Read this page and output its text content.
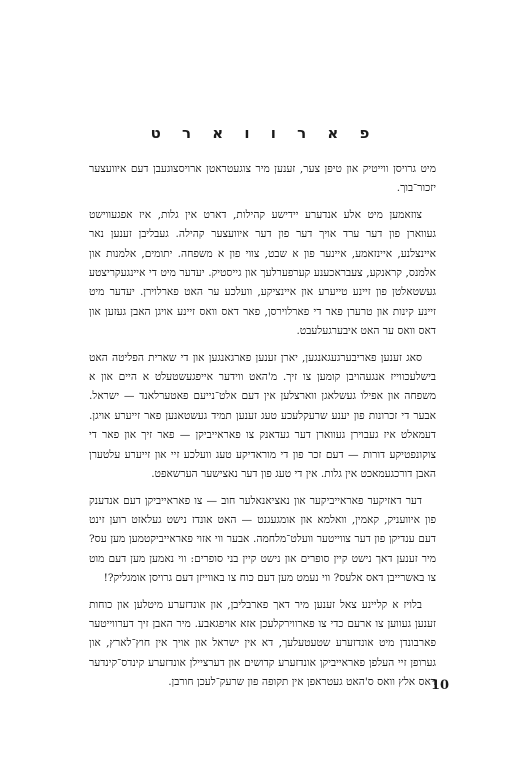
פ א ר ו ו א ר ט

מיט גרויסן ווייטיק און טיפן צער, זענען מיר צוגעטראטן ארויסצוגעבן דעם איוועצער יזכור־בוך.

צוזאמען מיט אלע אנדערע יידישע קהילות, דארט אין גלות, איז אפגעווישט געווארן פון דער ערד אויך דער פון דער איוועצער קהילה. געבליבן זענען נאר איינצלנע, איינזאמע, איינער פון א שבט, צווי פון א משפחה. יתומים, אלמנות און אלמנס, קראנקע, צעבראכענע קערפערלעך און גייסטיק. יעדער מיט די איינגעקריצטע געשטאלטן פון זיינע טייערע און איינציקע, וועלכע ער האט פארלוירן. יעדער מיט זיינע קינות און טרערן פאר די פארלוירסן, פאר דאס וואס זיינע אויגן האבן געזען און דאס וואס ער האט איבערגעלעבט.

סאג זענען פאריבערגעגאנגען, יארן זענען פארגאנגען און די שארית הפליטה האט בישלעכווייז אנגעהויבן קומען צו זיך. מ'האט ווידער אייפגעשטעלט א היים און א משפחה און אפילו געשלאגן ווארצלען אין דעם אלט־נייעם פאטערלאנד — ישראל. אבער די זכרונות פון יענע שרעקלעכע טעג זענען תמיד געשטאנען פאר זייערע אויגן. דעמאלט איז געבוירן געווארן דער געדאנק צו פאראייביקן — פאר זיך און פאר די צוקונפטיקע דורות — דעם זכר פון די מוראדיקע טעג וועלכע זיי און זייערע עלטערן האבן דורכגעמאכט אין גלות. אין די טעג פון דער נאצישער הערשאפט.

דער דאזיקער פאראייביקער און נאציאנאלער חוב — צו פאראייביקן דעם אנדענק פון איוועניק, קאמין, וואלמא און אומגעגנט — האט אונדז נישט געלאזט רוען זינט דעם ענדיקן פון דער צווייטער וועלט־מלחמה. אבער ווי אזוי פאראייביקטמען מען עס? מיר זענען דאך נישט קיין סופרים און נישט קיין בני סופרים: ווי נאמען מען דעם מוט צו באשרייבן דאס אלעס? ווי נעמט מען דעם כוח צו באווייזן דעם גרויסן אומגליק?!

בלויז א קליינע צאל זענען מיר דאך פארבליבן, און אונדזערע מיטלען און כוחות זענען געווען צו ארעם כדי צו פארווירקלעכן אזא אויפגאבע. מיר האבן זיך דערווייטער פארבונדן מיט אונדזערע שטעטעלעך, דא אין ישראל און אויך אין חוץ־לארץ, און גערופן זיי העלפן פאראייביקן אונדזערע קדושים און דערציילן אונדזערע קינדס־קינדער דאס אלץ וואס ס'האט געטראפן אין תקופה פון שרעק־לעכן חורבן.

10
